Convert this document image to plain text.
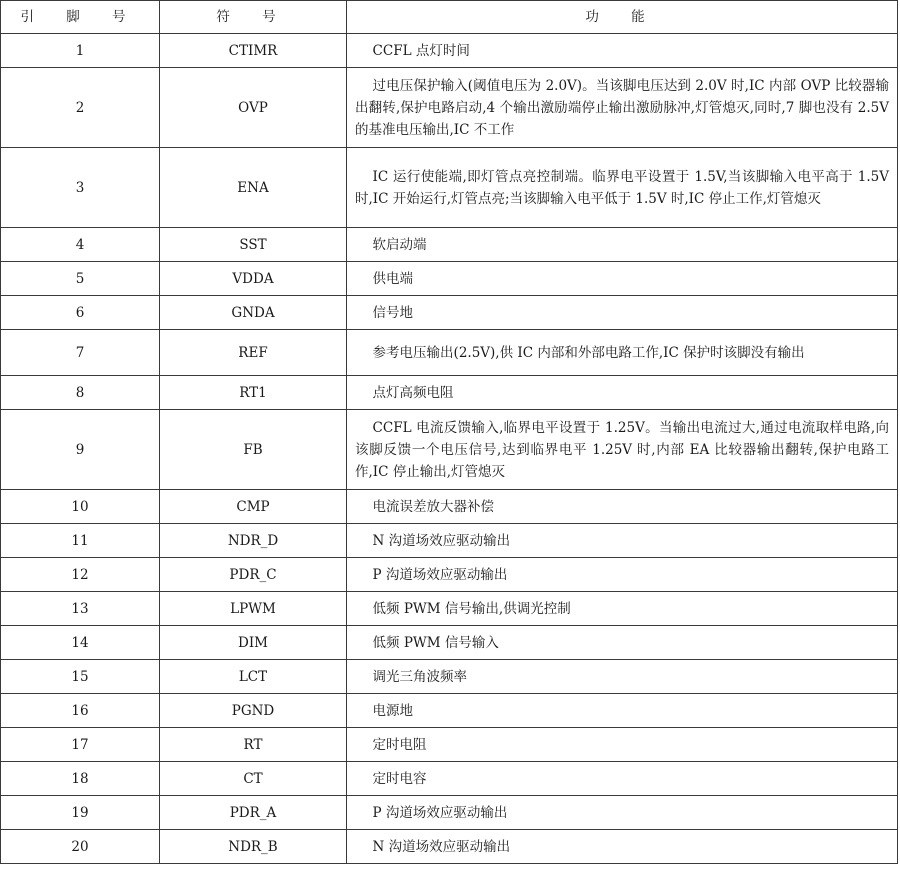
引 脚 号	符 号	功 能
1	CTIMR	CCFL 点灯时间
2	OVP	过电压保护输入(阈值电压为 2.0V)。当该脚电压达到 2.0V 时,IC 内部 OVP 比较器输出翻转,保护电路启动,4 个输出激励端停止输出激励脉冲,灯管熄灭,同时,7 脚也没有 2.5V 的基准电压输出,IC 不工作
3	ENA	IC 运行使能端,即灯管点亮控制端。临界电平设置于 1.5V,当该脚输入电平高于 1.5V 时,IC 开始运行,灯管点亮;当该脚输入电平低于 1.5V 时,IC 停止工作,灯管熄灭
4	SST	软启动端
5	VDDA	供电端
6	GNDA	信号地
7	REF	参考电压输出(2.5V),供 IC 内部和外部电路工作,IC 保护时该脚没有输出
8	RT1	点灯高频电阻
9	FB	CCFL 电流反馈输入,临界电平设置于 1.25V。当输出电流过大,通过电流取样电路,向该脚反馈一个电压信号,达到临界电平 1.25V 时,内部 EA 比较器输出翻转,保护电路工作,IC 停止输出,灯管熄灭
10	CMP	电流误差放大器补偿
11	NDR_D	N 沟道场效应驱动输出
12	PDR_C	P 沟道场效应驱动输出
13	LPWM	低频 PWM 信号输出,供调光控制
14	DIM	低频 PWM 信号输入
15	LCT	调光三角波频率
16	PGND	电源地
17	RT	定时电阻
18	CT	定时电容
19	PDR_A	P 沟道场效应驱动输出
20	NDR_B	N 沟道场效应驱动输出
